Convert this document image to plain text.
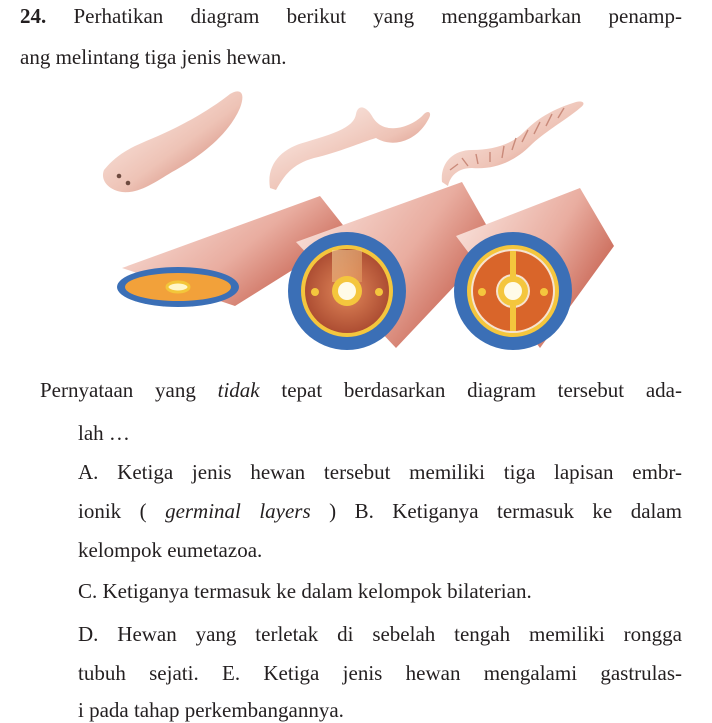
24. Perhatikan diagram berikut yang menggambarkan penamp-
ang melintang tiga jenis hewan.
Pernyataan yang tidak tepat berdasarkan diagram tersebut ada-
lah …
A. Ketiga jenis hewan tersebut memiliki tiga lapisan embr-
ionik ( germinal layers ) B. Ketiganya termasuk ke dalam
kelompok eumetazoa.
C. Ketiganya termasuk ke dalam kelompok bilaterian.
D. Hewan yang terletak di sebelah tengah memiliki rongga
tubuh sejati. E. Ketiga jenis hewan mengalami gastrulas-
i pada tahap perkembangannya.
